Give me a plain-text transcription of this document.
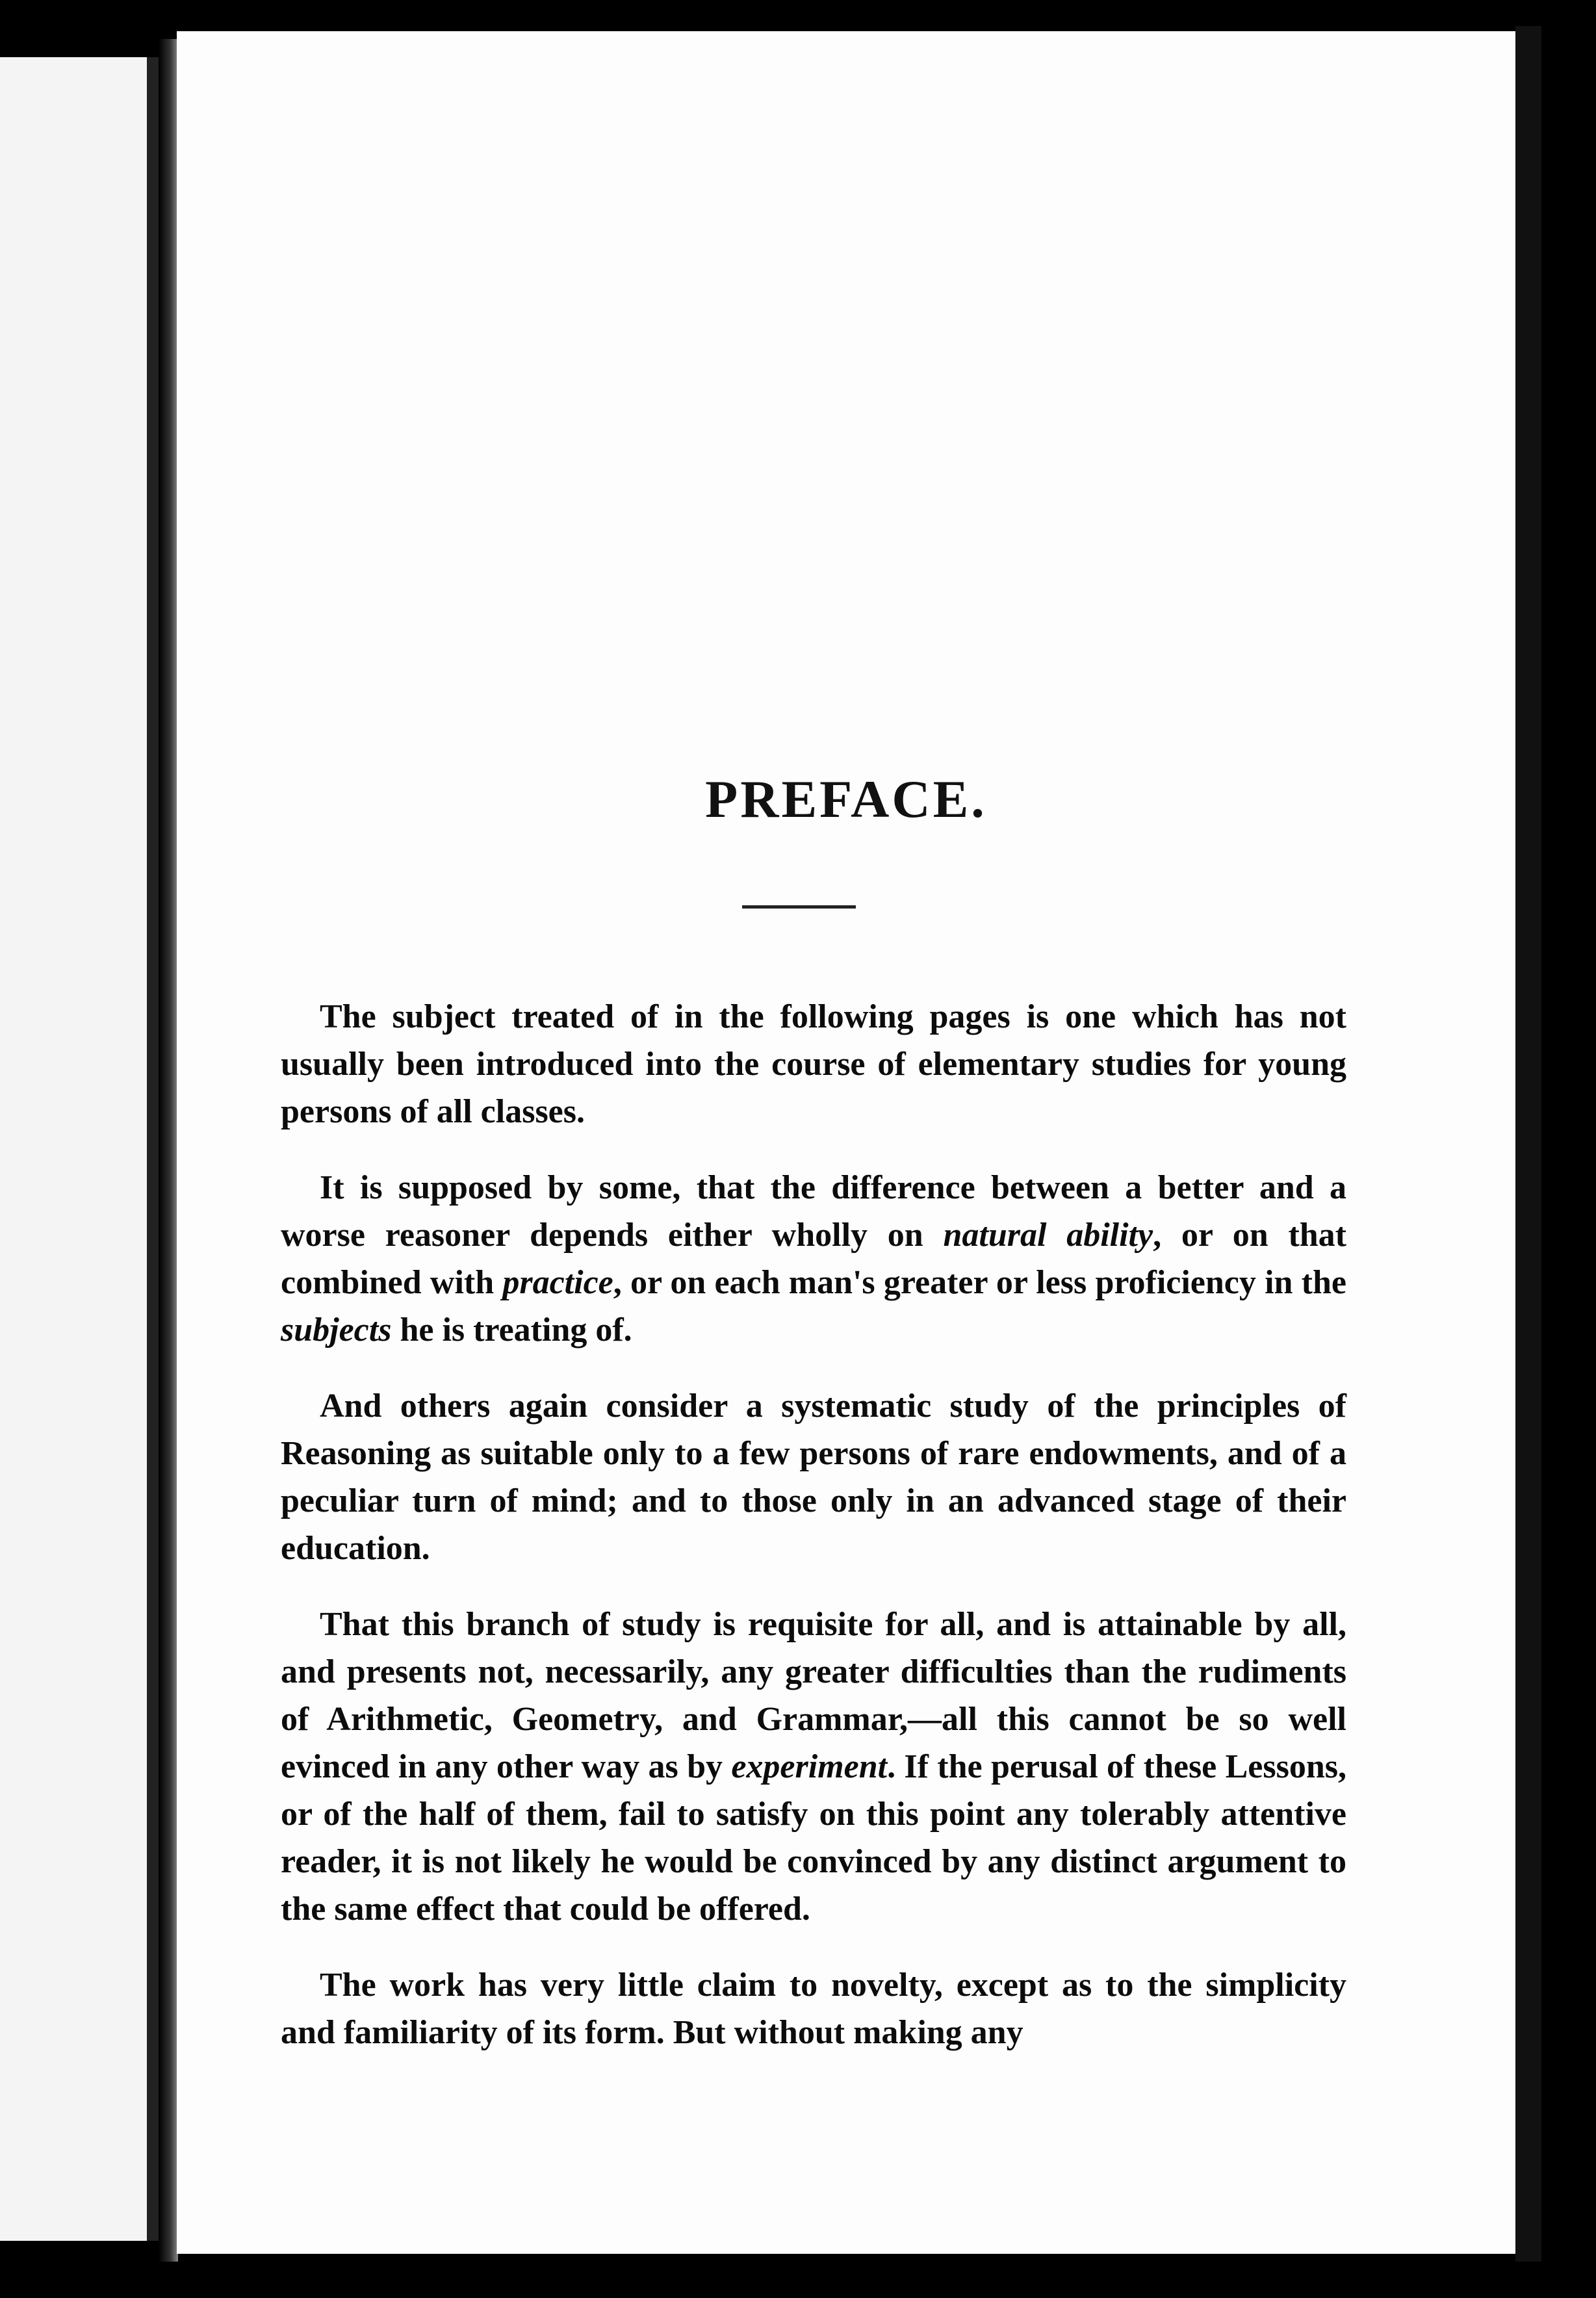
PREFACE.

The subject treated of in the following pages is one which has not usually been introduced into the course of elementary studies for young persons of all classes.

It is supposed by some, that the difference between a better and a worse reasoner depends either wholly on natural ability, or on that combined with practice, or on each man's greater or less proficiency in the subjects he is treating of.

And others again consider a systematic study of the principles of Reasoning as suitable only to a few persons of rare endowments, and of a peculiar turn of mind; and to those only in an advanced stage of their education.

That this branch of study is requisite for all, and is attainable by all, and presents not, necessarily, any greater difficulties than the rudiments of Arithmetic, Geometry, and Grammar,—all this cannot be so well evinced in any other way as by experiment. If the perusal of these Lessons, or of the half of them, fail to satisfy on this point any tolerably attentive reader, it is not likely he would be convinced by any distinct argument to the same effect that could be offered.

The work has very little claim to novelty, except as to the simplicity and familiarity of its form. But without making any
